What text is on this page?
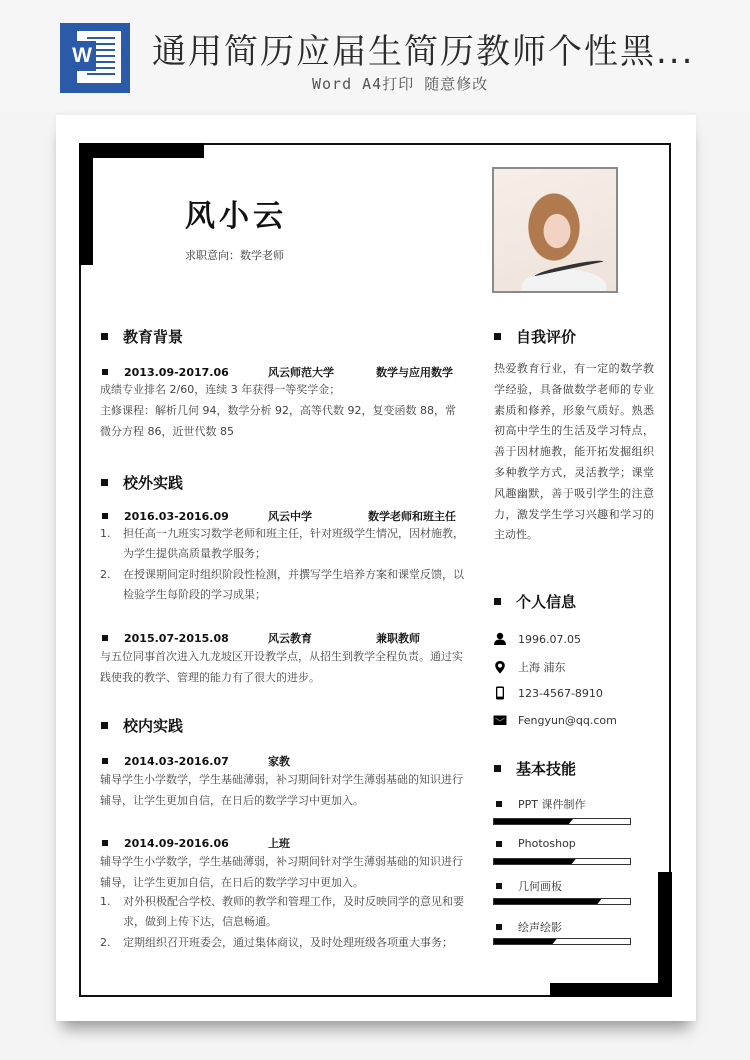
W 通用简历应届生简历教师个性黑...
Word A4打印 随意修改
风小云
求职意向：数学老师
教育背景
2013.09-2017.06	风云师范大学	数学与应用数学
成绩专业排名 2/60，连续 3 年获得一等奖学金；
主修课程：解析几何 94，数学分析 92，高等代数 92，复变函数 88，常微分方程 86，近世代数 85
校外实践
2016.03-2016.09	风云中学	数学老师和班主任
1. 担任高一九班实习数学老师和班主任，针对班级学生情况，因材施教，为学生提供高质量教学服务；
2. 在授课期间定时组织阶段性检测，并撰写学生培养方案和课堂反馈，以检验学生每阶段的学习成果；
2015.07-2015.08	风云教育	兼职教师
与五位同事首次进入九龙坡区开设教学点，从招生到教学全程负责。通过实践使我的教学、管理的能力有了很大的进步。
校内实践
2014.03-2016.07	家教
辅导学生小学数学，学生基础薄弱，补习期间针对学生薄弱基础的知识进行辅导，让学生更加自信，在日后的数学学习中更加入。
2014.09-2016.06	上班
辅导学生小学数学，学生基础薄弱，补习期间针对学生薄弱基础的知识进行辅导，让学生更加自信，在日后的数学学习中更加入。
1. 对外积极配合学校、教师的教学和管理工作，及时反映同学的意见和要求，做到上传下达，信息畅通。
2. 定期组织召开班委会，通过集体商议，及时处理班级各项重大事务；
自我评价
热爱教育行业，有一定的数学教学经验，具备做数学老师的专业素质和修养，形象气质好。熟悉初高中学生的生活及学习特点，善于因材施教，能开拓发掘组织多种教学方式，灵活教学；课堂风趣幽默，善于吸引学生的注意力，激发学生学习兴趣和学习的主动性。
个人信息
1996.07.05
上海 浦东
123-4567-8910
Fengyun@qq.com
基本技能
PPT 课件制作
Photoshop
几何画板
绘声绘影
